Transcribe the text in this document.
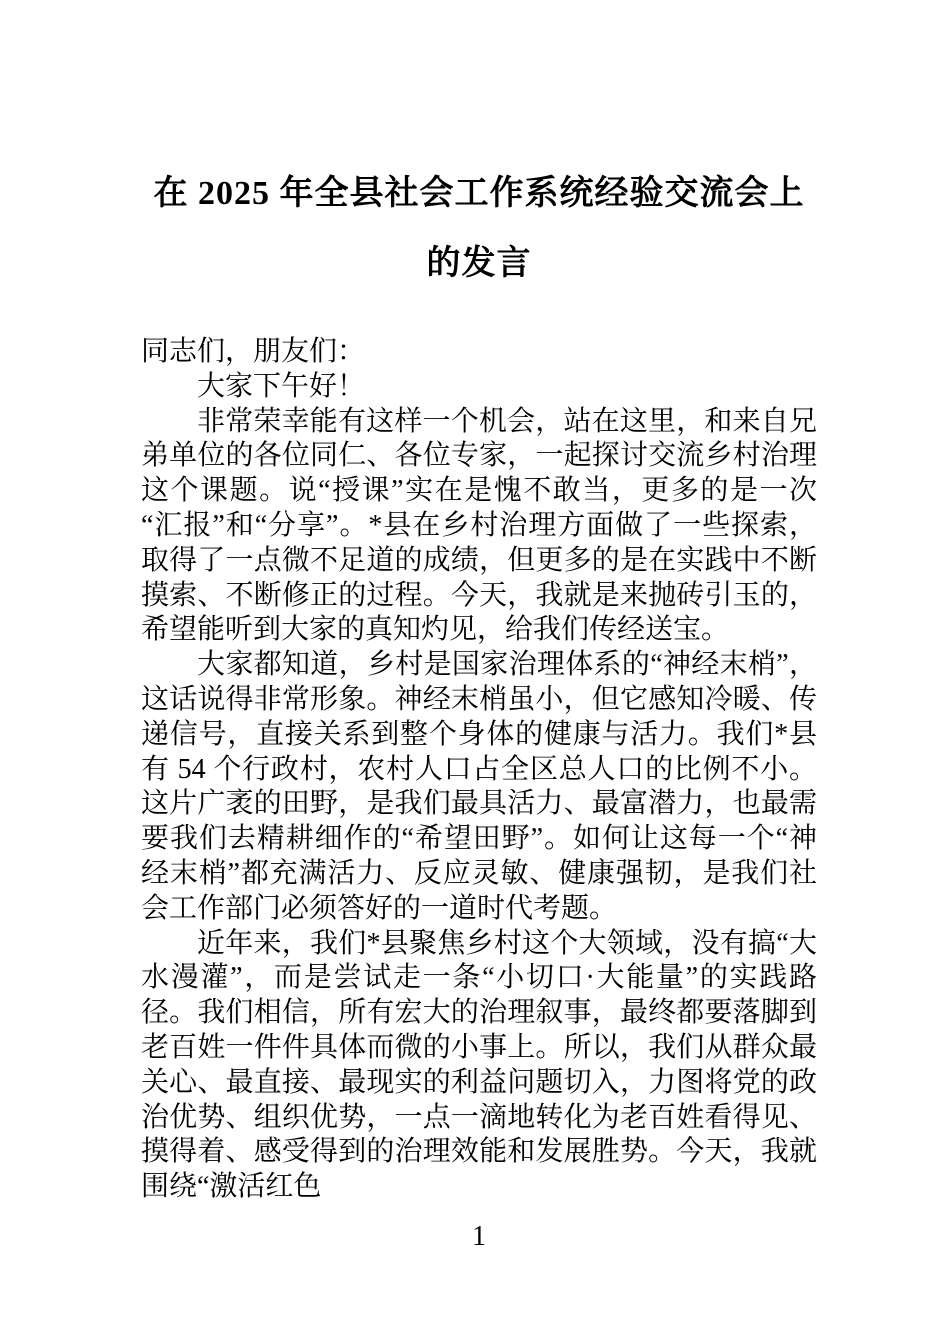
在 2025 年全县社会工作系统经验交流会上
的发言

同志们，朋友们：

大家下午好！

非常荣幸能有这样一个机会，站在这里，和来自兄弟单位的各位同仁、各位专家，一起探讨交流乡村治理这个课题。说“授课”实在是愧不敢当，更多的是一次“汇报”和“分享”。*县在乡村治理方面做了一些探索，取得了一点微不足道的成绩，但更多的是在实践中不断摸索、不断修正的过程。今天，我就是来抛砖引玉的，希望能听到大家的真知灼见，给我们传经送宝。

大家都知道，乡村是国家治理体系的“神经末梢”，这话说得非常形象。神经末梢虽小，但它感知冷暖、传递信号，直接关系到整个身体的健康与活力。我们*县有 54 个行政村，农村人口占全区总人口的比例不小。这片广袤的田野，是我们最具活力、最富潜力，也最需要我们去精耕细作的“希望田野”。如何让这每一个“神经末梢”都充满活力、反应灵敏、健康强韧，是我们社会工作部门必须答好的一道时代考题。

近年来，我们*县聚焦乡村这个大领域，没有搞“大水漫灌”，而是尝试走一条“小切口·大能量”的实践路径。我们相信，所有宏大的治理叙事，最终都要落脚到老百姓一件件具体而微的小事上。所以，我们从群众最关心、最直接、最现实的利益问题切入，力图将党的政治优势、组织优势，一点一滴地转化为老百姓看得见、摸得着、感受得到的治理效能和发展胜势。今天，我就围绕“激活红色

1
